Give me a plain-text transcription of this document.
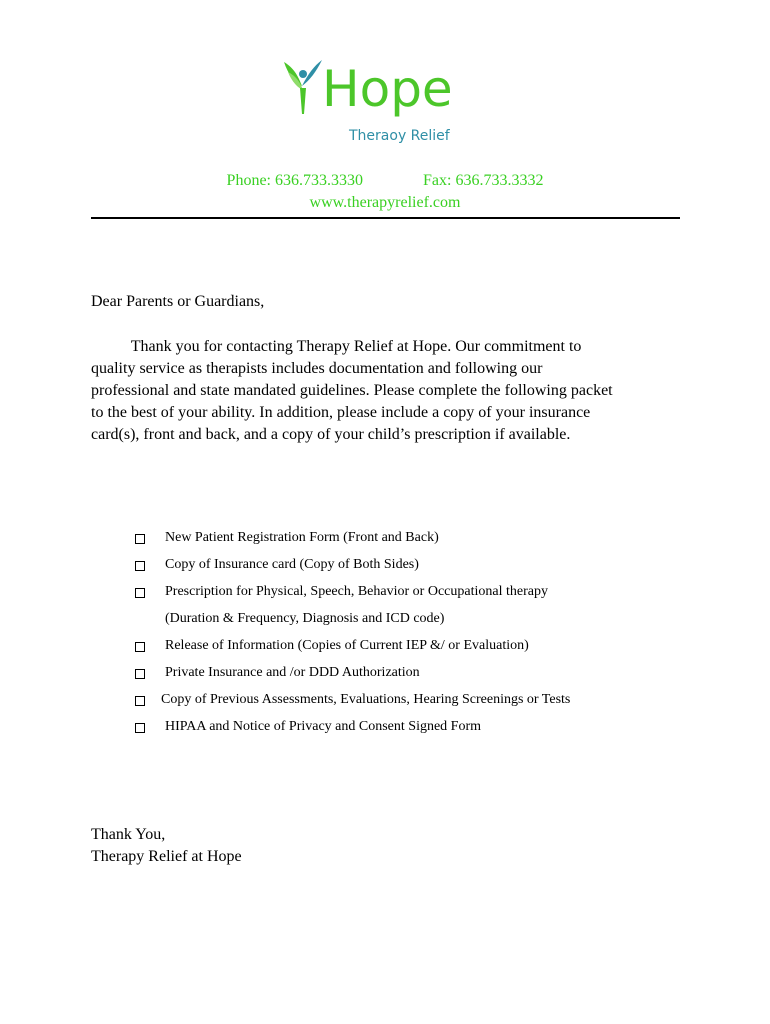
Hope
Theraoy Relief
Phone: 636.733.3330	Fax: 636.733.3332
www.therapyrelief.com
Dear Parents or Guardians,

Thank you for contacting Therapy Relief at Hope. Our commitment to

quality service as therapists includes documentation and following our

professional and state mandated guidelines. Please complete the following packet

to the best of your ability. In addition, please include a copy of your insurance

card(s), front and back, and a copy of your child’s prescription if available.

New Patient Registration Form (Front and Back)
Copy of Insurance card (Copy of Both Sides)
Prescription for Physical, Speech, Behavior or Occupational therapy
(Duration & Frequency, Diagnosis and ICD code)
Release of Information (Copies of Current IEP &/ or Evaluation)
Private Insurance and /or DDD Authorization
Copy of Previous Assessments, Evaluations, Hearing Screenings or Tests
HIPAA and Notice of Privacy and Consent Signed Form
Thank You,
Therapy Relief at Hope
